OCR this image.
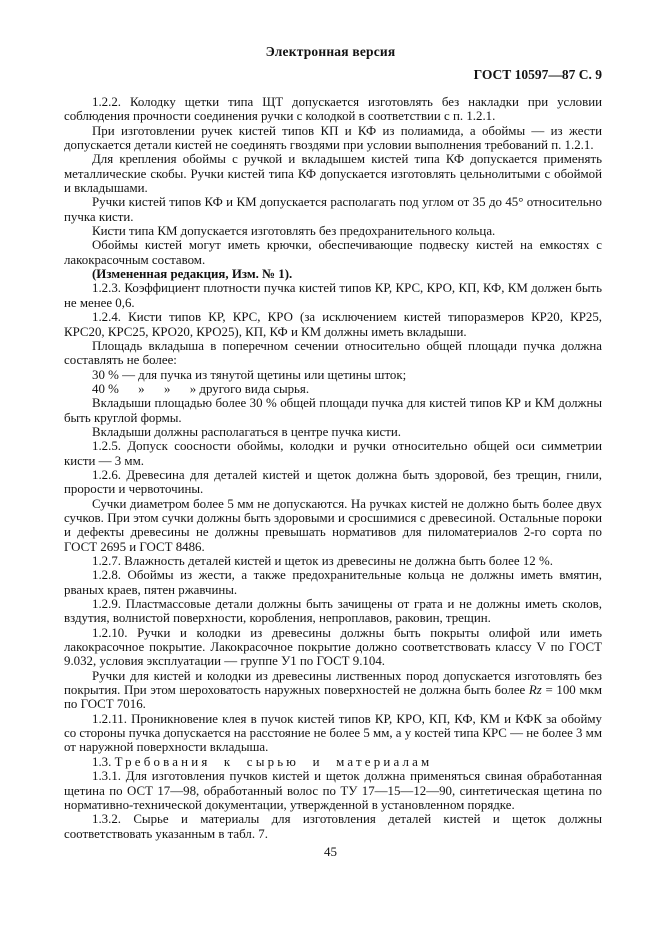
Электронная версия
ГОСТ 10597—87 С. 9

1.2.2. Колодку щетки типа ЩТ допускается изготовлять без накладки при условии соблюдения прочности соединения ручки с колодкой в соответствии с п. 1.2.1.

При изготовлении ручек кистей типов КП и КФ из полиамида, а обоймы — из жести допускается детали кистей не соединять гвоздями при условии выполнения требований п. 1.2.1.

Для крепления обоймы с ручкой и вкладышем кистей типа КФ допускается применять металлические скобы. Ручки кистей типа КФ допускается изготовлять цельнолитыми с обоймой и вкладышами.

Ручки кистей типов КФ и КМ допускается располагать под углом от 35 до 45° относительно пучка кисти.

Кисти типа КМ допускается изготовлять без предохранительного кольца.

Обоймы кистей могут иметь крючки, обеспечивающие подвеску кистей на емкостях с лакокрасочным составом.

(Измененная редакция, Изм. № 1).

1.2.3. Коэффициент плотности пучка кистей типов КР, КРС, КРО, КП, КФ, КМ должен быть не менее 0,6.

1.2.4. Кисти типов КР, КРС, КРО (за исключением кистей типоразмеров КР20, КР25, КРС20, КРС25, КРО20, КРО25), КП, КФ и КМ должны иметь вкладыши.

Площадь вкладыша в поперечном сечении относительно общей площади пучка должна составлять не более:

30 % — для пучка из тянутой щетины или щетины шток;

40 %      »      »      » другого вида сырья.

Вкладыши площадью более 30 % общей площади пучка для кистей типов КР и КМ должны быть круглой формы.

Вкладыши должны располагаться в центре пучка кисти.

1.2.5. Допуск соосности обоймы, колодки и ручки относительно общей оси симметрии кисти — 3 мм.

1.2.6. Древесина для деталей кистей и щеток должна быть здоровой, без трещин, гнили, прорости и червоточины.

Сучки диаметром более 5 мм не допускаются. На ручках кистей не должно быть более двух сучков. При этом сучки должны быть здоровыми и сросшимися с древесиной. Остальные пороки и дефекты древесины не должны превышать нормативов для пиломатериалов 2-го сорта по ГОСТ 2695 и ГОСТ 8486.

1.2.7. Влажность деталей кистей и щеток из древесины не должна быть более 12 %.

1.2.8. Обоймы из жести, а также предохранительные кольца не должны иметь вмятин, рваных краев, пятен ржавчины.

1.2.9. Пластмассовые детали должны быть зачищены от грата и не должны иметь сколов, вздутия, волнистой поверхности, коробления, непроплавов, раковин, трещин.

1.2.10. Ручки и колодки из древесины должны быть покрыты олифой или иметь лакокрасочное покрытие. Лакокрасочное покрытие должно соответствовать классу V по ГОСТ 9.032, условия эксплуатации — группе У1 по ГОСТ 9.104.

Ручки для кистей и колодки из древесины лиственных пород допускается изготовлять без покрытия. При этом шероховатость наружных поверхностей не должна быть более Rz = 100 мкм по ГОСТ 7016.

1.2.11. Проникновение клея в пучок кистей типов КР, КРО, КП, КФ, КМ и КФК за обойму со стороны пучка допускается на расстояние не более 5 мм, а у костей типа КРС — не более 3 мм от наружной поверхности вкладыша.

1.3. Требования к сырью и материалам

1.3.1. Для изготовления пучков кистей и щеток должна применяться свиная обработанная щетина по ОСТ 17—98, обработанный волос по ТУ 17—15—12—90, синтетическая щетина по нормативно-технической документации, утвержденной в установленном порядке.

1.3.2. Сырье и материалы для изготовления деталей кистей и щеток должны соответствовать указанным в табл. 7.

45
